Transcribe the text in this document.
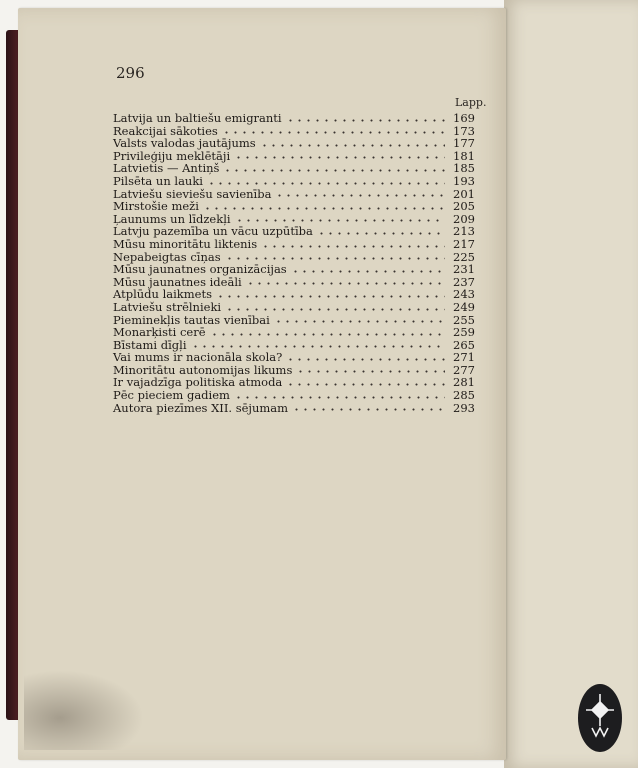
296
Lapp.
Latvija un baltiešu emigranti	169
Reakcijai sākoties	173
Valsts valodas jautājums	177
Privileģiju meklētāji	181
Latvietis — Antiņš	185
Pilsēta un lauki	193
Latviešu sieviešu savienība	201
Mirstošie meži	205
Ļaunums un līdzekļi	209
Latvju pazemība un vācu uzpūtība	213
Mūsu minoritātu liktenis	217
Nepabeigtas cīņas	225
Mūsu jaunatnes organizācijas	231
Mūsu jaunatnes ideāli	237
Atplūdu laikmets	243
Latviešu strēlnieki	249
Pieminekļis tautas vienībai	255
Monarķisti cerē	259
Bīstami dīgļi	265
Vai mums ir nacionāla skola?	271
Minoritātu autonomijas likums	277
Ir vajadzīga politiska atmoda	281
Pēc pieciem gadiem	285
Autora piezīmes XII. sējumam	293
